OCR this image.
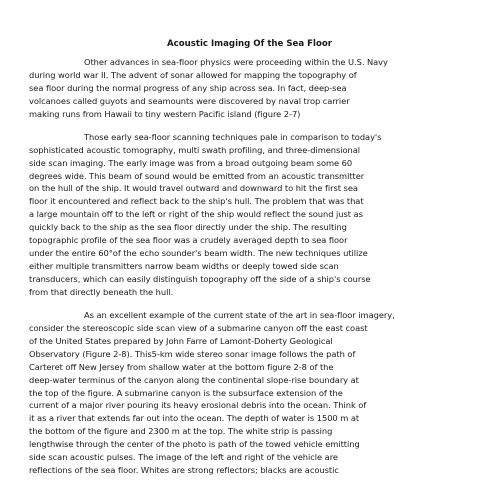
Acoustic Imaging Of the Sea Floor
Other advances in sea-floor physics were proceeding within the U.S. Navy
during world war II. The advent of sonar allowed for mapping the topography of
sea floor during the normal progress of any ship across sea. In fact, deep-sea
volcanoes called guyots and seamounts were discovered by naval trop carrier
making runs from Hawaii to tiny western Pacific island (figure 2-7)
Those early sea-floor scanning techniques pale in comparison to today's
sophisticated acoustic tomography, multi swath profiling, and three-dimensional
side scan imaging. The early image was from a broad outgoing beam some 60
degrees wide. This beam of sound would be emitted from an acoustic transmitter
on the hull of the ship. It would travel outward and downward to hit the first sea
floor it encountered and reflect back to the ship's hull. The problem that was that
a large mountain off to the left or right of the ship would reflect the sound just as
quickly back to the ship as the sea floor directly under the ship. The resulting
topographic profile of the sea floor was a crudely averaged depth to sea floor
under the entire 60°of the echo sounder's beam width. The new techniques utilize
either multiple transmitters narrow beam widths or deeply towed side scan
transducers, which can easily distinguish topography off the side of a ship's course
from that directly beneath the hull.
As an excellent example of the current state of the art in sea-floor imagery,
consider the stereoscopic side scan view of a submarine canyon off the east coast
of the United States prepared by John Farre of Lamont-Doherty Geological
Observatory (Figure 2-8). This5-km wide stereo sonar image follows the path of
Carteret off New Jersey from shallow water at the bottom figure 2-8 of the
deep-water terminus of the canyon along the continental slope-rise boundary at
the top of the figure. A submarine canyon is the subsurface extension of the
current of a major river pouring its heavy erosional debris into the ocean. Think of
it as a river that extends far out into the ocean. The depth of water is 1500 m at
the bottom of the figure and 2300 m at the top. The white strip is passing
lengthwise through the center of the photo is path of the towed vehicle emitting
side scan acoustic pulses. The image of the left and right of the vehicle are
reflections of the sea floor. Whites are strong reflectors; blacks are acoustic
